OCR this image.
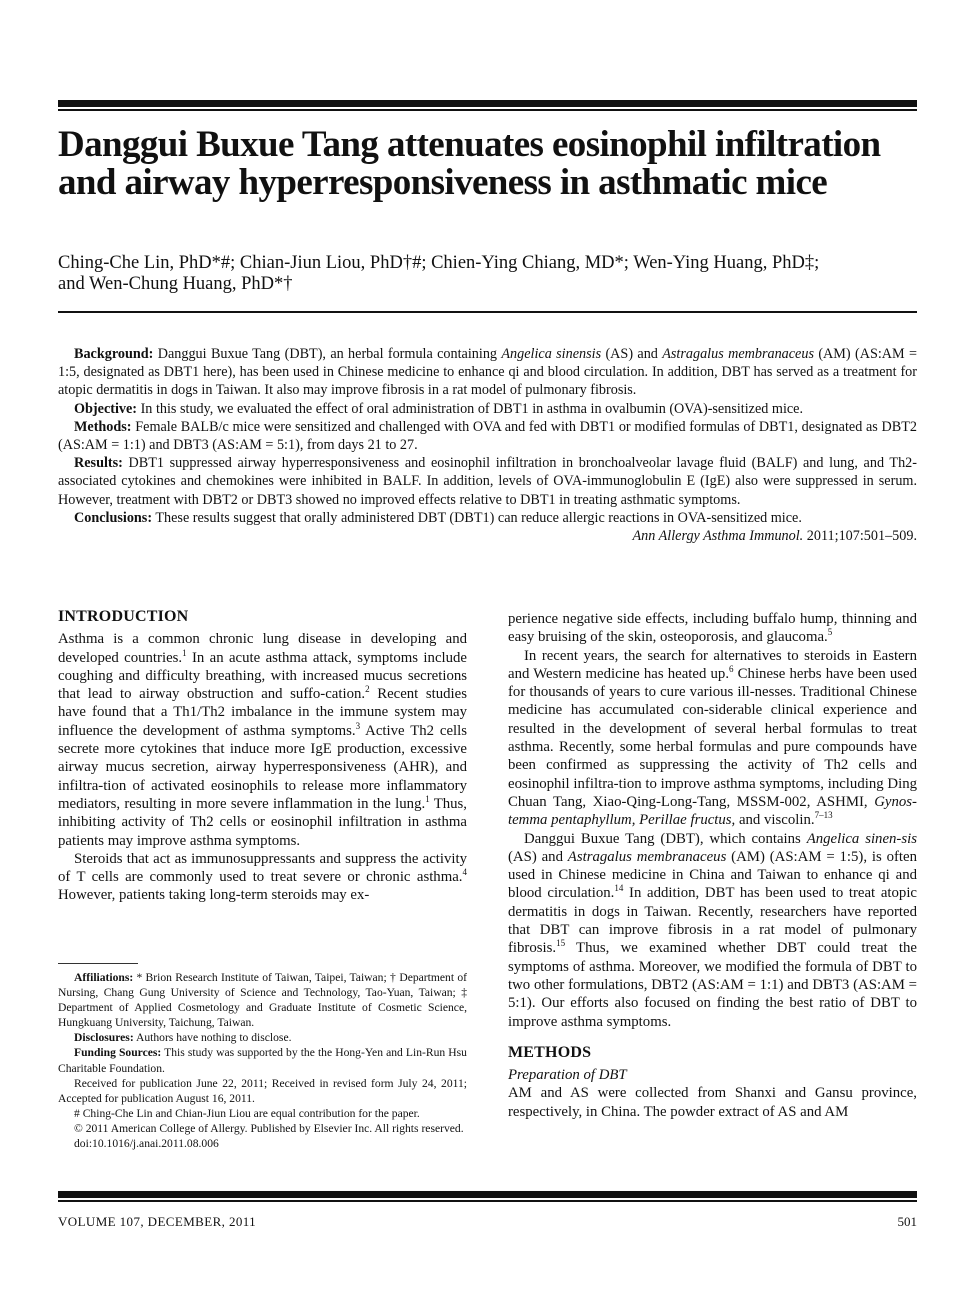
Danggui Buxue Tang attenuates eosinophil infiltration and airway hyperresponsiveness in asthmatic mice
Ching-Che Lin, PhD*#; Chian-Jiun Liou, PhD†#; Chien-Ying Chiang, MD*; Wen-Ying Huang, PhD‡;
and Wen-Chung Huang, PhD*†

Background: Danggui Buxue Tang (DBT), an herbal formula containing Angelica sinensis (AS) and Astragalus membranaceus (AM) (AS:AM = 1:5, designated as DBT1 here), has been used in Chinese medicine to enhance qi and blood circulation. In addition, DBT has served as a treatment for atopic dermatitis in dogs in Taiwan. It also may improve fibrosis in a rat model of pulmonary fibrosis.

Objective: In this study, we evaluated the effect of oral administration of DBT1 in asthma in ovalbumin (OVA)-sensitized mice.

Methods: Female BALB/c mice were sensitized and challenged with OVA and fed with DBT1 or modified formulas of DBT1, designated as DBT2 (AS:AM = 1:1) and DBT3 (AS:AM = 5:1), from days 21 to 27.

Results: DBT1 suppressed airway hyperresponsiveness and eosinophil infiltration in bronchoalveolar lavage fluid (BALF) and lung, and Th2-associated cytokines and chemokines were inhibited in BALF. In addition, levels of OVA-immunoglobulin E (IgE) also were suppressed in serum. However, treatment with DBT2 or DBT3 showed no improved effects relative to DBT1 in treating asthmatic symptoms.

Conclusions: These results suggest that orally administered DBT (DBT1) can reduce allergic reactions in OVA-sensitized mice.

Ann Allergy Asthma Immunol. 2011;107:501–509.
INTRODUCTION

Asthma is a common chronic lung disease in developing and developed countries.$^1$ In an acute asthma attack, symptoms include coughing and difficulty breathing, with increased mucus secretions that lead to airway obstruction and suffo-cation.$^2$ Recent studies have found that a Th1/Th2 imbalance in the immune system may influence the development of asthma symptoms.$^3$ Active Th2 cells secrete more cytokines that induce more IgE production, excessive airway mucus secretion, airway hyperresponsiveness (AHR), and infiltra-tion of activated eosinophils to release more inflammatory mediators, resulting in more severe inflammation in the lung.$^1$ Thus, inhibiting activity of Th2 cells or eosinophil infiltration in asthma patients may improve asthma symptoms.

Steroids that act as immunosuppressants and suppress the activity of T cells are commonly used to treat severe or chronic asthma.$^4$ However, patients taking long-term steroids may ex-

Affiliations: * Brion Research Institute of Taiwan, Taipei, Taiwan; † Department of Nursing, Chang Gung University of Science and Technology, Tao-Yuan, Taiwan; ‡ Department of Applied Cosmetology and Graduate Institute of Cosmetic Science, Hungkuang University, Taichung, Taiwan.

Disclosures: Authors have nothing to disclose.

Funding Sources: This study was supported by the the Hong-Yen and Lin-Run Hsu Charitable Foundation.

Received for publication June 22, 2011; Received in revised form July 24, 2011; Accepted for publication August 16, 2011.

# Ching-Che Lin and Chian-Jiun Liou are equal contribution for the paper.

© 2011 American College of Allergy. Published by Elsevier Inc. All rights reserved.

doi:10.1016/j.anai.2011.08.006

perience negative side effects, including buffalo hump, thinning and easy bruising of the skin, osteoporosis, and glaucoma.$^5$

In recent years, the search for alternatives to steroids in Eastern and Western medicine has heated up.$^6$ Chinese herbs have been used for thousands of years to cure various ill-nesses. Traditional Chinese medicine has accumulated con-siderable clinical experience and resulted in the development of several herbal formulas to treat asthma. Recently, some herbal formulas and pure compounds have been confirmed as suppressing the activity of Th2 cells and eosinophil infiltra-tion to improve asthma symptoms, including Ding Chuan Tang, Xiao-Qing-Long-Tang, MSSM-002, ASHMI, Gynos-temma pentaphyllum, Perillae fructus, and viscolin.$^{7-13}$

Danggui Buxue Tang (DBT), which contains Angelica sinen-sis (AS) and Astragalus membranaceus (AM) (AS:AM = 1:5), is often used in Chinese medicine in China and Taiwan to enhance qi and blood circulation.$^{14}$ In addition, DBT has been used to treat atopic dermatitis in dogs in Taiwan. Recently, researchers have reported that DBT can improve fibrosis in a rat model of pulmonary fibrosis.$^{15}$ Thus, we examined whether DBT could treat the symptoms of asthma. Moreover, we modified the formula of DBT to two other formulations, DBT2 (AS:AM = 1:1) and DBT3 (AS:AM = 5:1). Our efforts also focused on finding the best ratio of DBT to improve asthma symptoms.

METHODS

Preparation of DBT

AM and AS were collected from Shanxi and Gansu province, respectively, in China. The powder extract of AS and AM

VOLUME 107, DECEMBER, 2011	501
